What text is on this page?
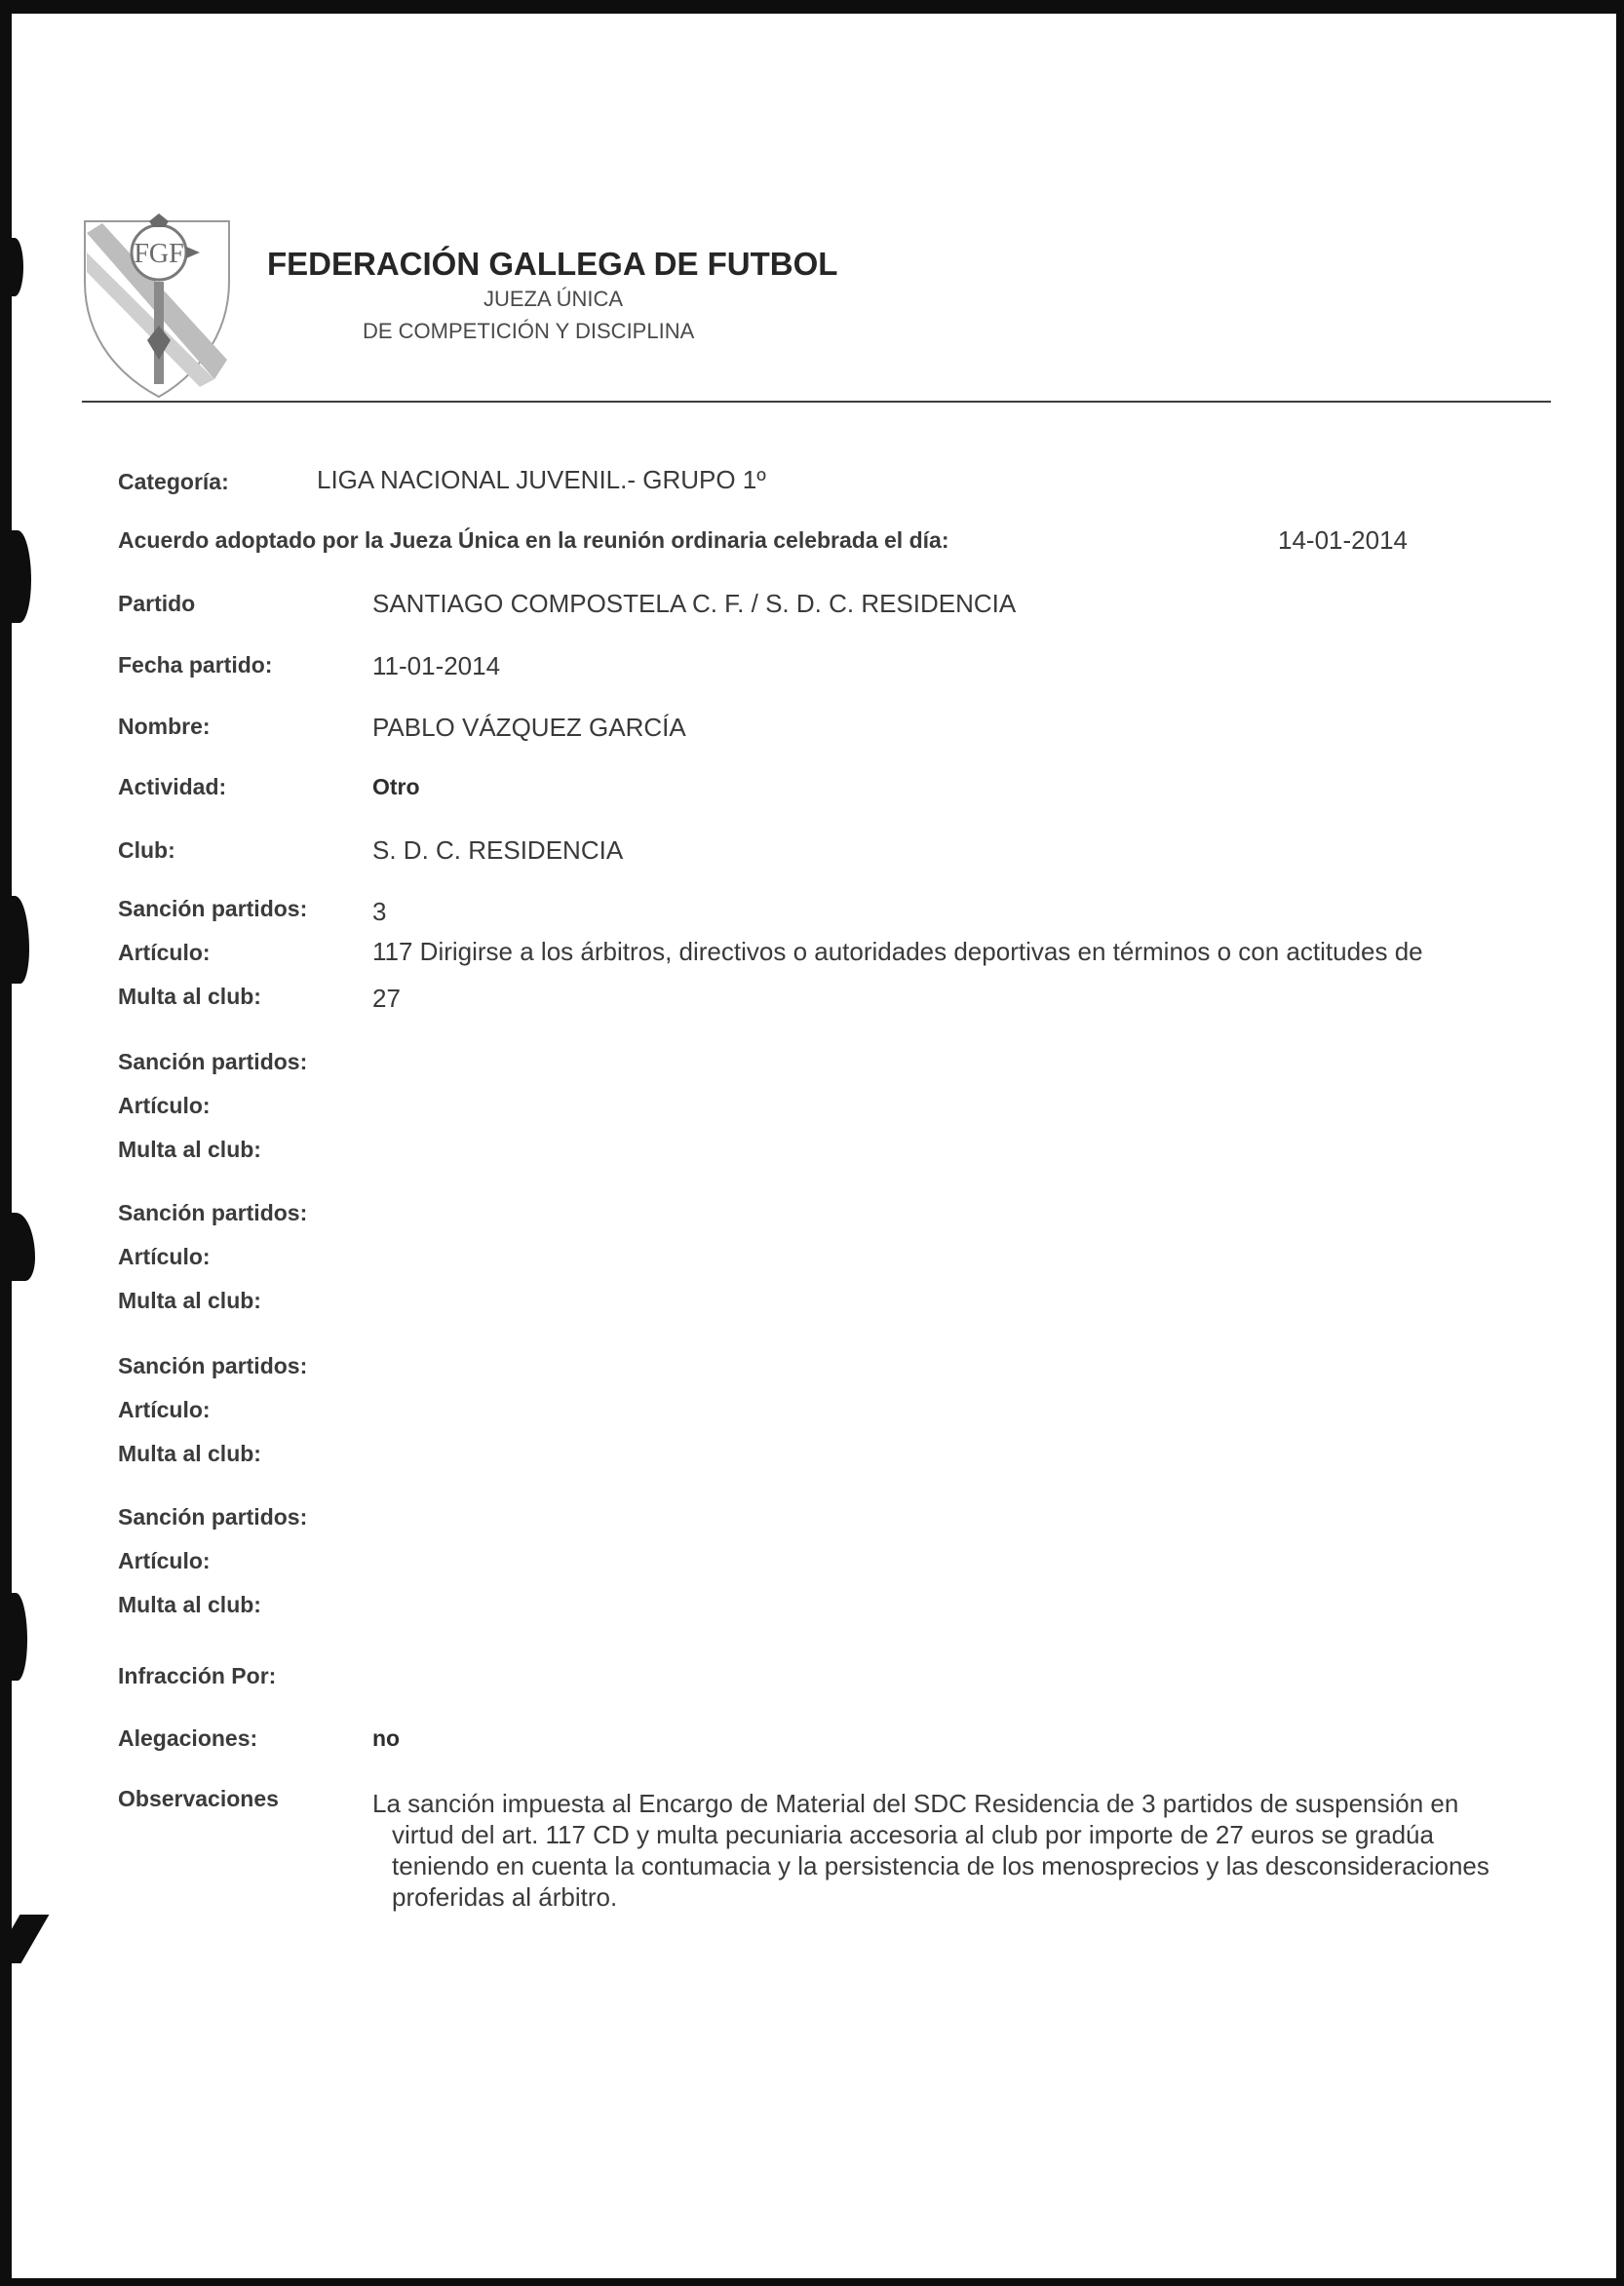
FGF	FEDERACIÓN GALLEGA DE FUTBOL
JUEZA ÚNICA
DE COMPETICIÓN Y DISCIPLINA
Categoría:	LIGA NACIONAL JUVENIL.- GRUPO 1º
Acuerdo adoptado por la Jueza Única en la reunión ordinaria celebrada el día:	14-01-2014
Partido	SANTIAGO COMPOSTELA C. F. / S. D. C. RESIDENCIA
Fecha partido:	11-01-2014
Nombre:	PABLO VÁZQUEZ GARCÍA
Actividad:	Otro
Club:	S. D. C. RESIDENCIA
Sanción partidos:	3
Artículo:	117 Dirigirse a los árbitros, directivos o autoridades deportivas en términos o con actitudes de
Multa al club:	27
Sanción partidos:
Artículo:
Multa al club:
Sanción partidos:
Artículo:
Multa al club:
Sanción partidos:
Artículo:
Multa al club:
Sanción partidos:
Artículo:
Multa al club:
Infracción Por:
Alegaciones:	no
Observaciones	La sanción impuesta al Encargo de Material del SDC Residencia de 3 partidos de suspensión en

virtud del art. 117 CD y multa pecuniaria accesoria al club por importe de 27 euros se gradúa

teniendo en cuenta la contumacia y la persistencia de los menosprecios y las desconsideraciones

proferidas al árbitro.
